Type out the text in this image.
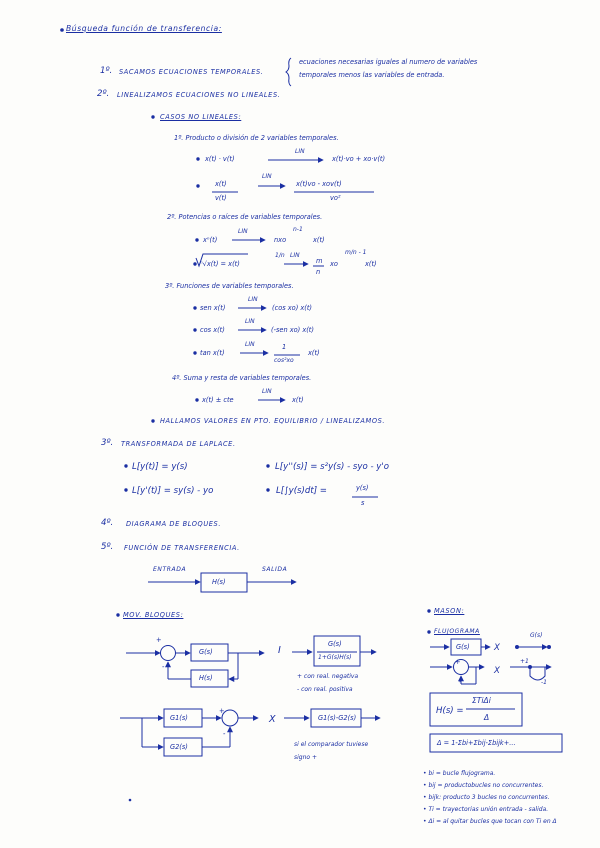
Búsqueda función de transferencia:
1º. SACAMOS ECUACIONES TEMPORALES.
ecuaciones necesarias iguales al numero de variables
temporales menos las variables de entrada.
2º. LINEALIZAMOS ECUACIONES NO LINEALES.
CASOS NO LINEALES:
1º. Producto o división de 2 variables temporales.
x(t) · v(t)
LIN
x(t)·vo + xo·v(t)
x(t)
v(t)
LIN
x(t)vo - xov(t)
vo²
2º. Potencias o raíces de variables temporales.
xⁿ(t)
LIN
nxo
n-1
x(t)
ⁿ√x(t) = x(t)
1/n LIN
m
n
xo
m/n - 1
x(t)
3º. Funciones de variables temporales.
sen x(t)
LIN
(cos xo) x(t)
cos x(t)
LIN
(-sen xo) x(t)
tan x(t)
LIN	1
cos²xo
x(t)
4º. Suma y resta de variables temporales.
x(t) ± cte
LIN
x(t)
HALLAMOS VALORES EN PTO. EQUILIBRIO / LINEALIZAMOS.
3º. TRANSFORMADA DE LAPLACE.
L[y(t)] = y(s)	L[y''(s)] = s²y(s) - syo - y'o
L[y'(t)] = sy(s) - yo	L[∫y(s)dt] =	y(s)
s
4º. DIAGRAMA DE BLOQUES.
5º. FUNCIÓN DE TRANSFERENCIA.
ENTRADA	SALIDA
H(s)
MOV. BLOQUES:
+
-
G(s)
H(s)
I
G(s)
1+G(s)H(s)
+ con real. negativa
- con real. positiva
+
-
G1(s)
G2(s)
X	G1(s)-G2(s)
si el comparador tuviese
signo +
MASON:
FLUJOGRAMA
G(s)	X
G(s)
+
-
X
+1
-1
H(s) =
ΣTiΔi
Δ
Δ = 1-Σbi+Σbij-Σbijk+...
• bi = bucle flujograma.
• bij = productobucles no concurrentes.
• bijk: producto 3 bucles no concurrentes.
• Ti = trayectorias unión entrada - salida.
• Δi = al quitar bucles que tocan con Ti en Δ
